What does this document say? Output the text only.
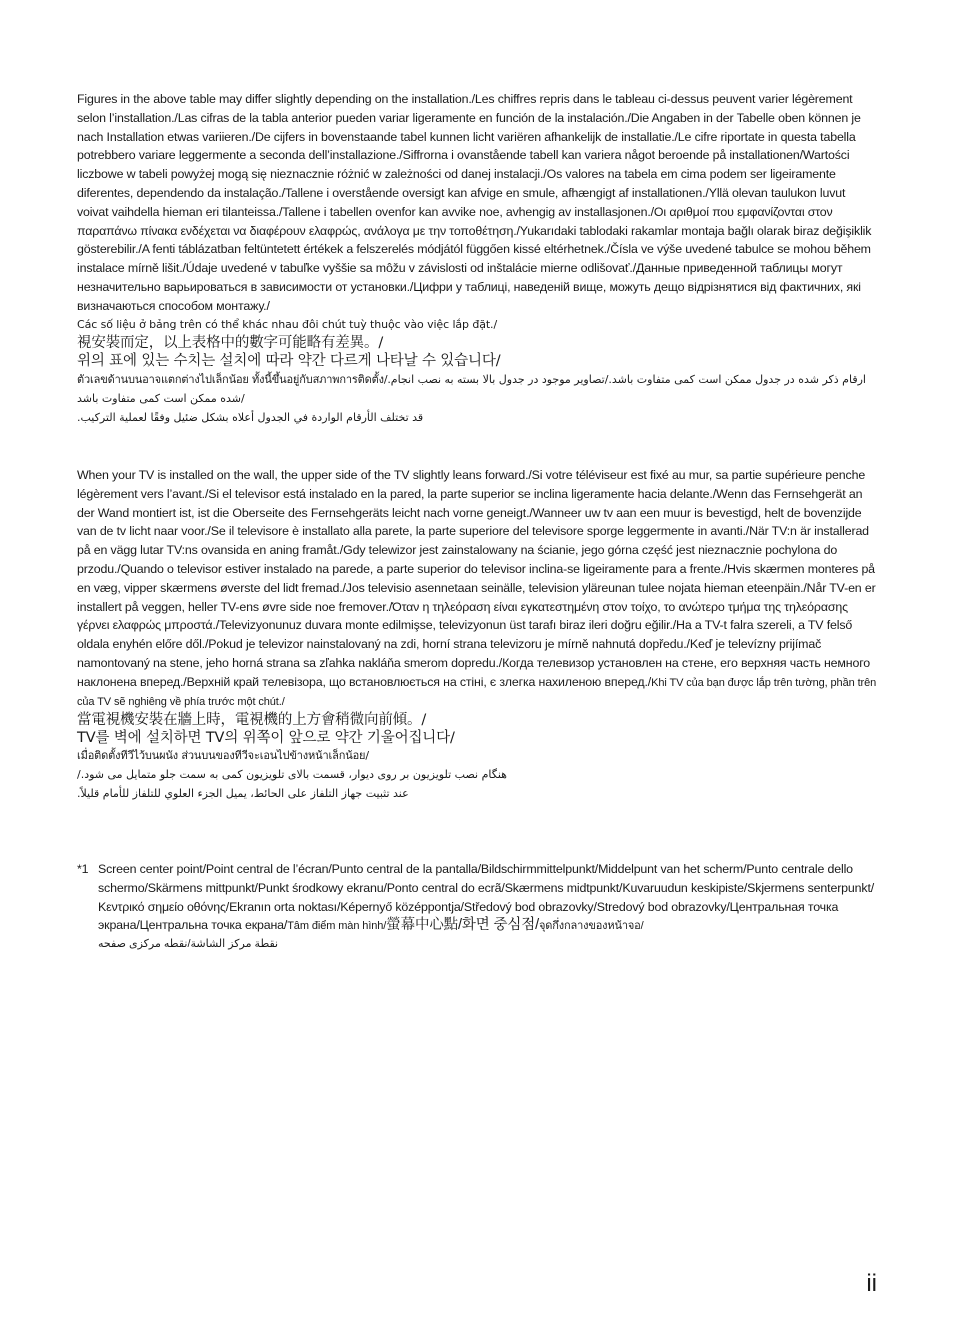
Figures in the above table may differ slightly depending on the installation./Les chiffres repris dans le tableau ci-dessus peuvent varier légèrement selon l’installation./Las cifras de la tabla anterior pueden variar ligeramente en función de la instalación./Die Angaben in der Tabelle oben können je nach Installation etwas variieren./De cijfers in bovenstaande tabel kunnen licht variëren afhankelijk de installatie./Le cifre riportate in questa tabella potrebbero variare leggermente a seconda dell’installazione./Siffrorna i ovanstående tabell kan variera något beroende på installationen/Wartości liczbowe w tabeli powyżej mogą się nieznacznie różnić w zależności od danej instalacji./Os valores na tabela em cima podem ser ligeiramente diferentes, dependendo da instalação./Tallene i overstående oversigt kan afvige en smule, afhængigt af installationen./Yllä olevan taulukon luvut voivat vaihdella hieman eri tilanteissa./Tallene i tabellen ovenfor kan avvike noe, avhengig av installasjonen./Οι αριθμοί που εμφανίζονται στον παραπάνω πίνακα ενδέχεται να διαφέρουν ελαφρώς, ανάλογα με την τοποθέτηση./Yukarıdaki tablodaki rakamlar montaja bağlı olarak biraz değişiklik gösterebilir./A fenti táblázatban feltüntetett értékek a felszerelés módjától függően kissé eltérhetnek./Čísla ve výše uvedené tabulce se mohou během instalace mírně lišit./Údaje uvedené v tabuľke vyššie sa môžu v závislosti od inštalácie mierne odlišovať./Данные приведенной таблицы могут незначительно варьироваться в зависимости от установки./Цифри у таблиці, наведеній вище, можуть дещо відрізнятися від фактичних, які визначаються способом монтажу./

Các số liệu ở bảng trên có thể khác nhau đôi chút tuỳ thuộc vào việc lắp đặt./
視安裝而定，以上表格中的數字可能略有差異。/
위의 표에 있는 수치는 설치에 따라 약간 다르게 나타날 수 있습니다/
ตัวเลขด้านบนอาจแตกต่างไปเล็กน้อย ทั้งนี้ขึ้นอยู่กับสภาพการติดตั้ง/.ارقام ذکر شده در جدول ممکن است کمی متفاوت باشد./تصاوير موجود در جدول بالا بسته به نصب انجام شده ممکن است کمی متفاوت باشد/
قد تختلف الأرقام الواردة في الجدول أعلاه بشكل ضئيل وفقًا لعملية التركيب.

When your TV is installed on the wall, the upper side of the TV slightly leans forward./Si votre téléviseur est fixé au mur, sa partie supérieure penche légèrement vers l’avant./Si el televisor está instalado en la pared, la parte superior se inclina ligeramente hacia delante./Wenn das Fernsehgerät an der Wand montiert ist, ist die Oberseite des Fernsehgeräts leicht nach vorne geneigt./Wanneer uw tv aan een muur is bevestigd, helt de bovenzijde van de tv licht naar voor./Se il televisore è installato alla parete, la parte superiore del televisore sporge leggermente in avanti./När TV:n är installerad på en vägg lutar TV:ns ovansida en aning framåt./Gdy telewizor jest zainstalowany na ścianie, jego górna część jest nieznacznie pochylona do przodu./Quando o televisor estiver instalado na parede, a parte superior do televisor inclina-se ligeiramente para a frente./Hvis skærmen monteres på en væg, vipper skærmens øverste del lidt fremad./Jos televisio asennetaan seinälle, television yläreunan tulee nojata hieman eteenpäin./Når TV-en er installert på veggen, heller TV-ens øvre side noe fremover./Όταν η τηλεόραση είναι εγκατεστημένη στον τοίχο, το ανώτερο τμήμα της τηλεόρασης γέρνει ελαφρώς μπροστά./Televizyonunuz duvara monte edilmişse, televizyonun üst tarafı biraz ileri doğru eğilir./Ha a TV-t falra szereli, a TV felső oldala enyhén előre dől./Pokud je televizor nainstalovaný na zdi, horní strana televizoru je mírně nahnutá dopředu./Keď je televízny prijímač namontovaný na stene, jeho horná strana sa zľahka nakláňa smerom dopredu./Когда телевизор установлен на стене, его верхняя часть немного наклонена вперед./Верхній край телевізора, що встановлюється на стіні, є злегка нахиленою вперед./Khi TV của bạn được lắp trên tường, phần trên của TV sẽ nghiêng về phía trước một chút./

當電視機安裝在牆上時，電視機的上方會稍微向前傾。/
TV를 벽에 설치하면 TV의 위쪽이 앞으로 약간 기울어집니다/
เมื่อติดตั้งทีวีไว้บนผนัง ส่วนบนของทีวีจะเอนไปข้างหน้าเล็กน้อย/
هنگام نصب تلویزیون بر روی دیوار، قسمت بالای تلویزیون کمی به سمت جلو متمایل می شود./
عند تثبيت جهاز التلفاز على الحائط، يميل الجزء العلوي للتلفاز للأمام قليلاً.
*1 Screen center point/Point central de l’écran/Punto central de la pantalla/Bildschirmmittelpunkt/Middelpunt van het scherm/Punto centrale dello schermo/Skärmens mittpunkt/Punkt środkowy ekranu/Ponto central do ecrã/Skærmens midtpunkt/Kuvaruudun keskipiste/Skjermens senterpunkt/Κεντρικό σημείο οθόνης/Ekranın orta noktası/Képernyő középpontja/Středový bod obrazovky/Stredový bod obrazovky/Центральная точка экрана/Центральна точка екрана/Tâm điểm màn hình/螢幕中心點/화면 중심점/จุดกึ่งกลางของหน้าจอ/
نقطة مركز الشاشة/نقطه مرکزی صفحه
ii
